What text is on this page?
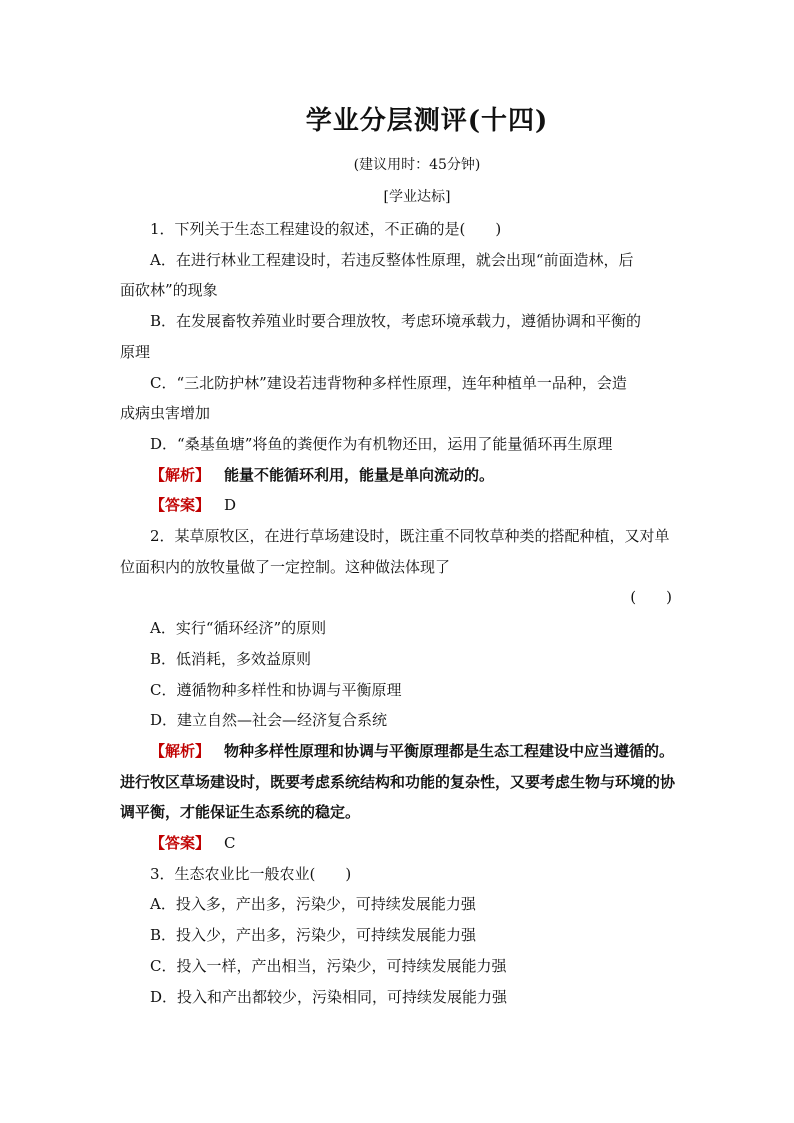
学业分层测评(十四)
(建议用时：45分钟)
[学业达标]
1．下列关于生态工程建设的叙述，不正确的是(　　)
A．在进行林业工程建设时，若违反整体性原理，就会出现“前面造林，后
面砍林”的现象
B．在发展畜牧养殖业时要合理放牧，考虑环境承载力，遵循协调和平衡的
原理
C．“三北防护林”建设若违背物种多样性原理，连年种植单一品种，会造
成病虫害增加
D．“桑基鱼塘”将鱼的粪便作为有机物还田，运用了能量循环再生原理
【解析】 能量不能循环利用，能量是单向流动的。
【答案】 D
2．某草原牧区，在进行草场建设时，既注重不同牧草种类的搭配种植，又对单位面积内的放牧量做了一定控制。这种做法体现了
(　　)
A．实行“循环经济”的原则
B．低消耗，多效益原则
C．遵循物种多样性和协调与平衡原理
D．建立自然—社会—经济复合系统
【解析】 物种多样性原理和协调与平衡原理都是生态工程建设中应当遵循的。进行牧区草场建设时，既要考虑系统结构和功能的复杂性，又要考虑生物与环境的协调平衡，才能保证生态系统的稳定。
【答案】 C
3．生态农业比一般农业(　　)
A．投入多，产出多，污染少，可持续发展能力强
B．投入少，产出多，污染少，可持续发展能力强
C．投入一样，产出相当，污染少，可持续发展能力强
D．投入和产出都较少，污染相同，可持续发展能力强
